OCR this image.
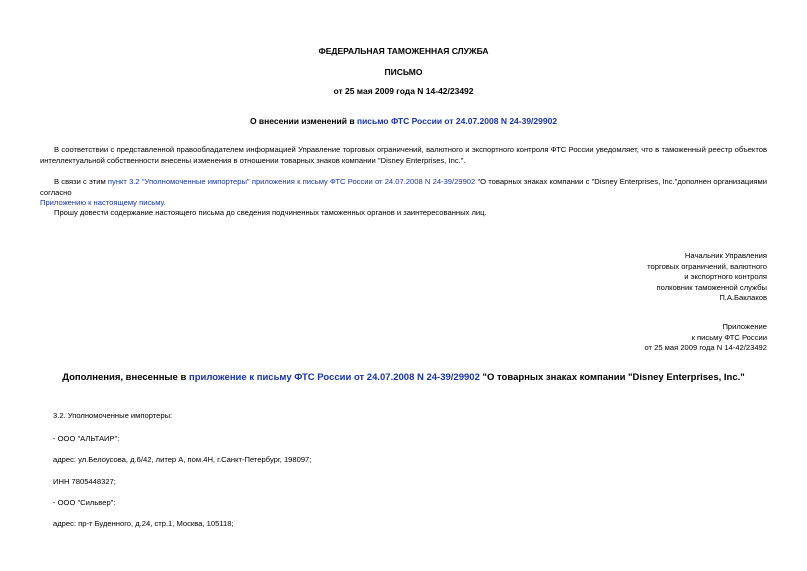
ФЕДЕРАЛЬНАЯ ТАМОЖЕННАЯ СЛУЖБА
ПИСЬМО
от 25 мая 2009 года N 14-42/23492
О внесении изменений в письмо ФТС России от 24.07.2008 N 24-39/29902
В соответствии с представленной правообладателем информацией Управление торговых ограничений, валютного и экспортного контроля ФТС России уведомляет, что в таможенный реестр объектов
интеллектуальной собственности внесены изменения в отношении товарных знаков компании "Disney Enterprises, Inc.".
В связи с этим пункт 3.2 "Уполномоченные импортеры" приложения к письму ФТС России от 24.07.2008 N 24-39/29902 "О товарных знаках компании с "Disney Enterprises, Inc."дополнен организациями согласно
Приложению к настоящему письму.
Прошу довести содержание настоящего письма до сведения подчиненных таможенных органов и заинтересованных лиц.
Начальник Управления
торговых ограничений, валютного
и экспортного контроля
полковник таможенной службы
П.А.Баклаков
Приложение
к письму ФТС России
от 25 мая 2009 года N 14-42/23492
Дополнения, внесенные в приложение к письму ФТС России от 24.07.2008 N 24-39/29902 "О товарных знаках компании "Disney Enterprises, Inc."
3.2. Уполномоченные импортеры:
- ООО "АЛЬТАИР":
адрес: ул.Белоусова, д.6/42, литер А, пом.4Н, г.Санкт-Петербург, 198097;
ИНН 7805448327;
- ООО "Сильвер":
адрес: пр-т Буденного, д.24, стр.1, Москва, 105118;
